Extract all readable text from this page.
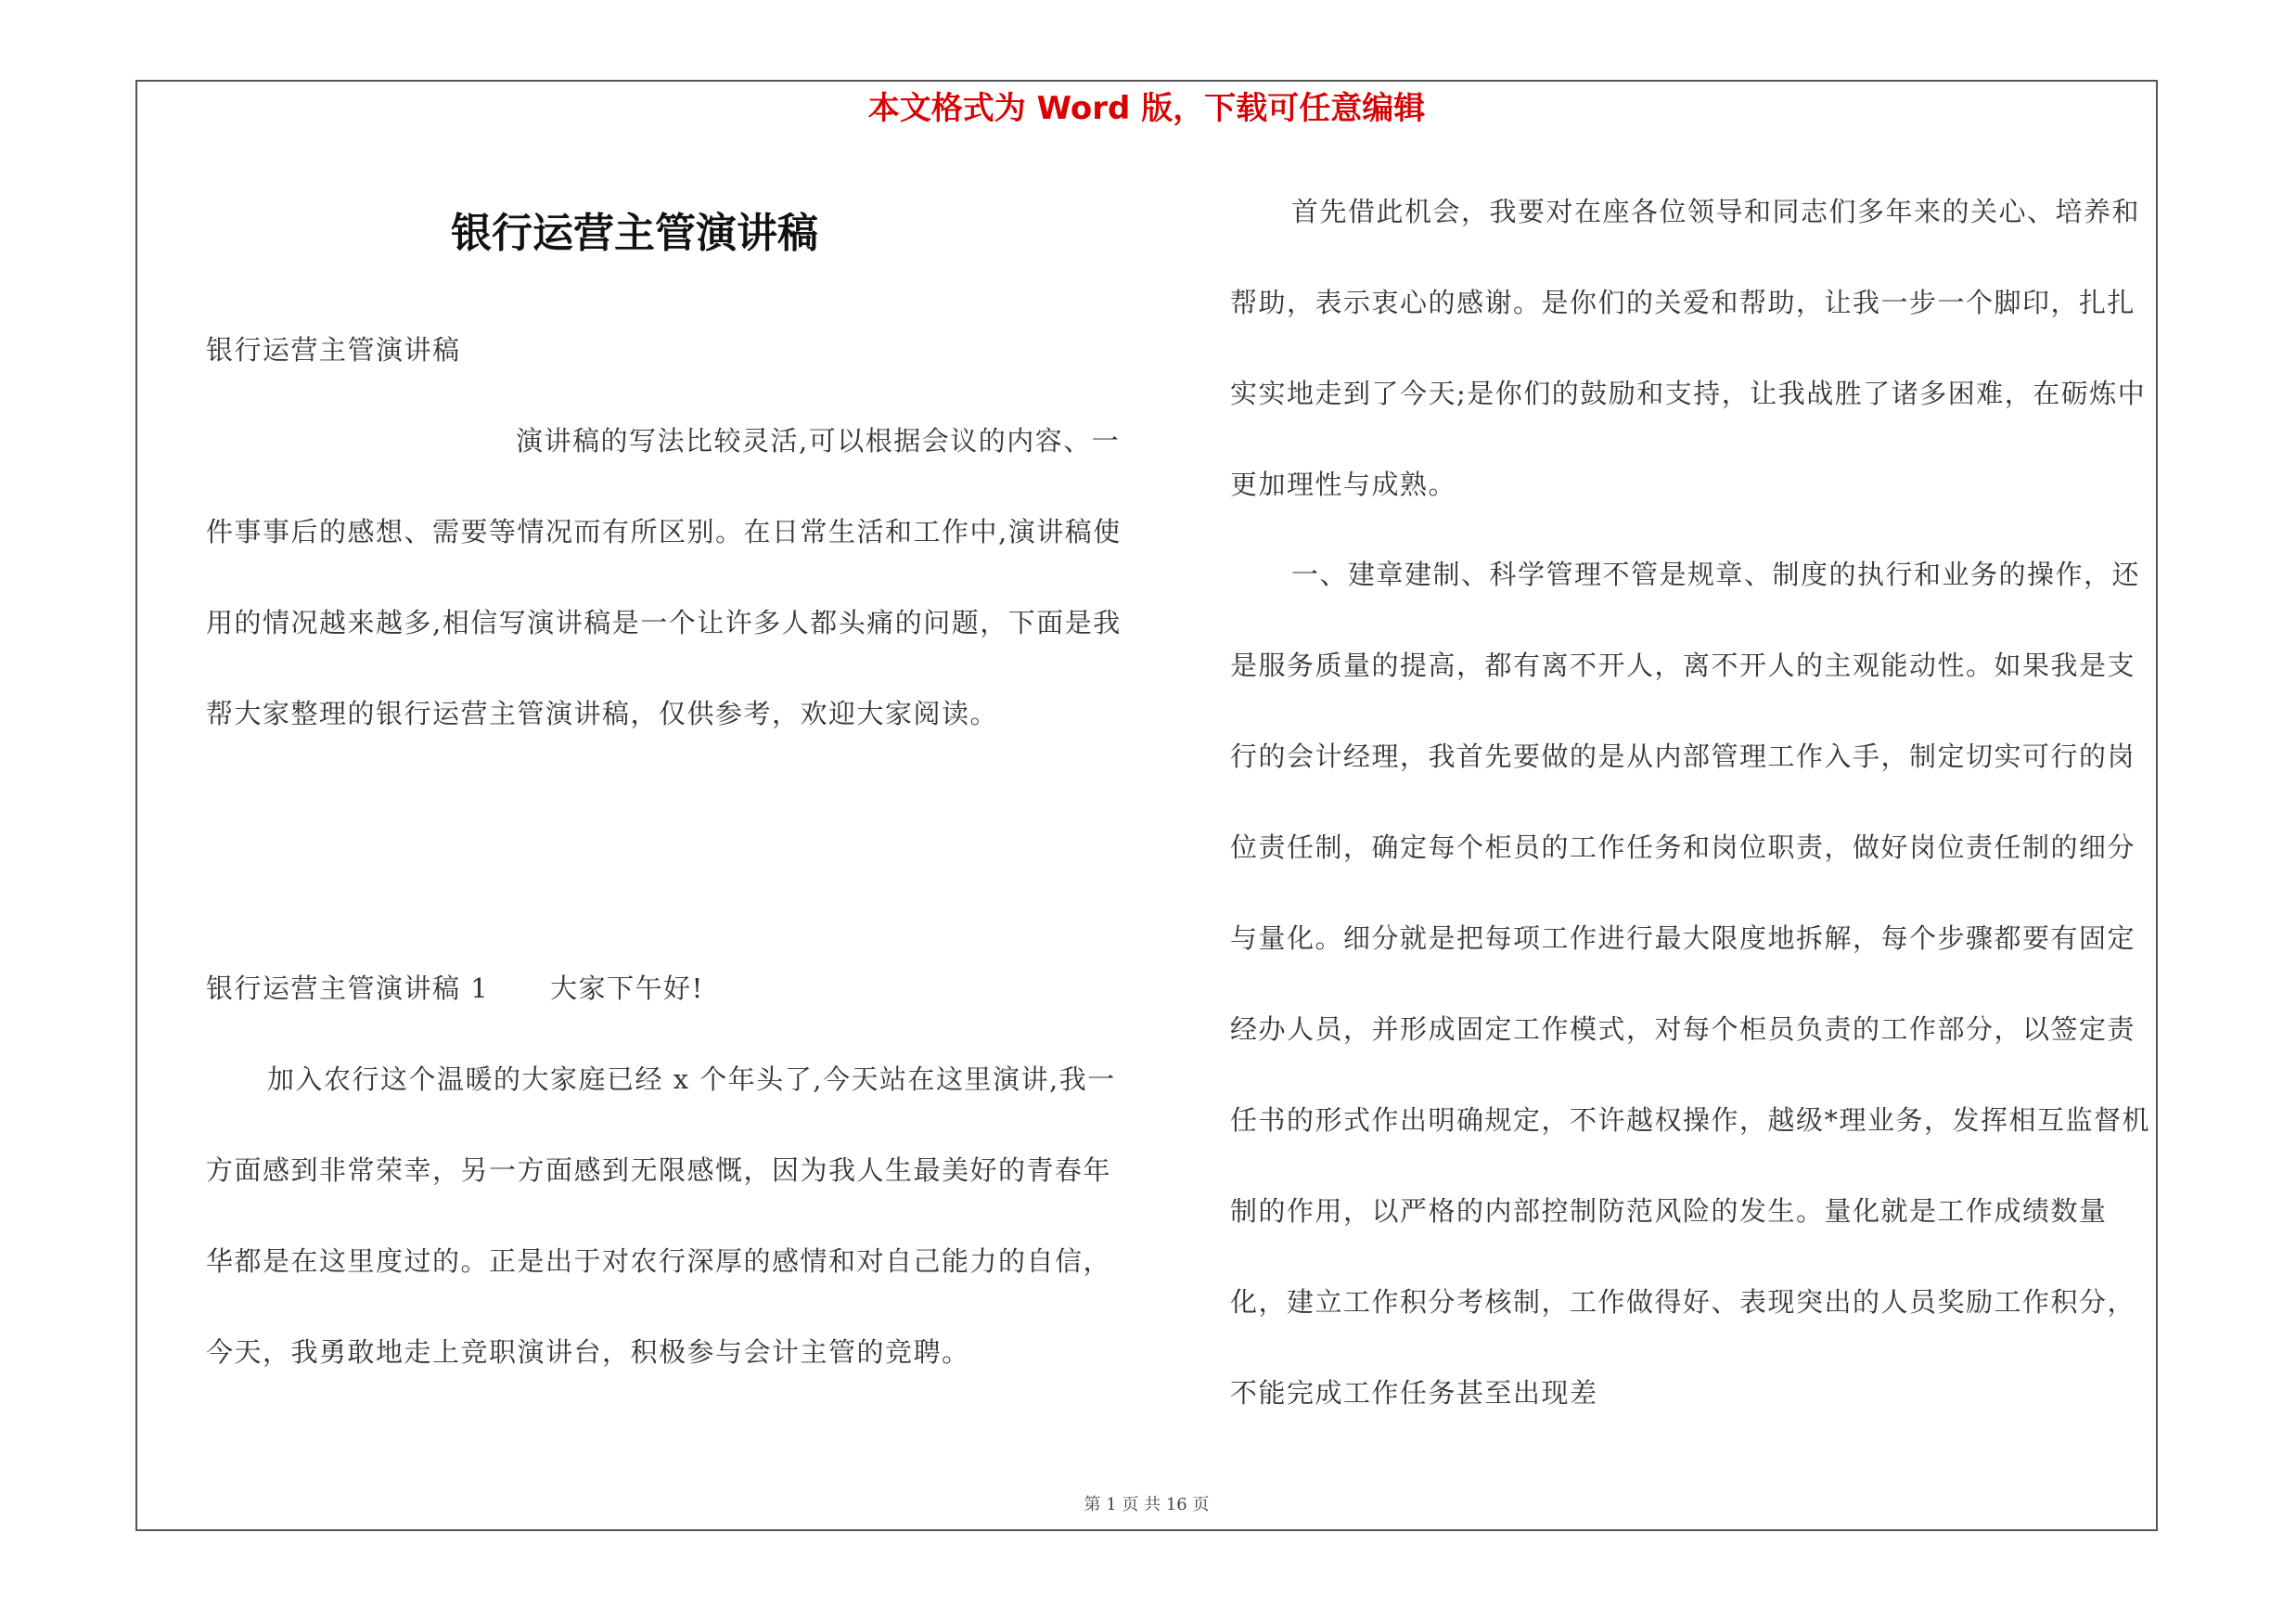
本文格式为 Word 版，下载可任意编辑
银行运营主管演讲稿

银行运营主管演讲稿

演讲稿的写法比较灵活,可以根据会议的内容、一件事事后的感想、需要等情况而有所区别。在日常生活和工作中,演讲稿使用的情况越来越多,相信写演讲稿是一个让许多人都头痛的问题，下面是我帮大家整理的银行运营主管演讲稿，仅供参考，欢迎大家阅读。

银行运营主管演讲稿 1 大家下午好!

加入农行这个温暖的大家庭已经 x 个年头了,今天站在这里演讲,我一方面感到非常荣幸，另一方面感到无限感慨，因为我人生最美好的青春年华都是在这里度过的。正是出于对农行深厚的感情和对自己能力的自信，今天，我勇敢地走上竞职演讲台，积极参与会计主管的竞聘。

首先借此机会，我要对在座各位领导和同志们多年来的关心、培养和帮助，表示衷心的感谢。是你们的关爱和帮助，让我一步一个脚印，扎扎实实地走到了今天;是你们的鼓励和支持，让我战胜了诸多困难，在砺炼中更加理性与成熟。

一、建章建制、科学管理不管是规章、制度的执行和业务的操作，还是服务质量的提高，都有离不开人，离不开人的主观能动性。如果我是支行的会计经理，我首先要做的是从内部管理工作入手，制定切实可行的岗位责任制，确定每个柜员的工作任务和岗位职责，做好岗位责任制的细分与量化。细分就是把每项工作进行最大限度地拆解，每个步骤都要有固定经办人员，并形成固定工作模式，对每个柜员负责的工作部分，以签定责任书的形式作出明确规定，不许越权操作，越级*理业务，发挥相互监督机制的作用，以严格的内部控制防范风险的发生。量化就是工作成绩数量化，建立工作积分考核制，工作做得好、表现突出的人员奖励工作积分，不能完成工作任务甚至出现差

第 1 页 共 16 页
